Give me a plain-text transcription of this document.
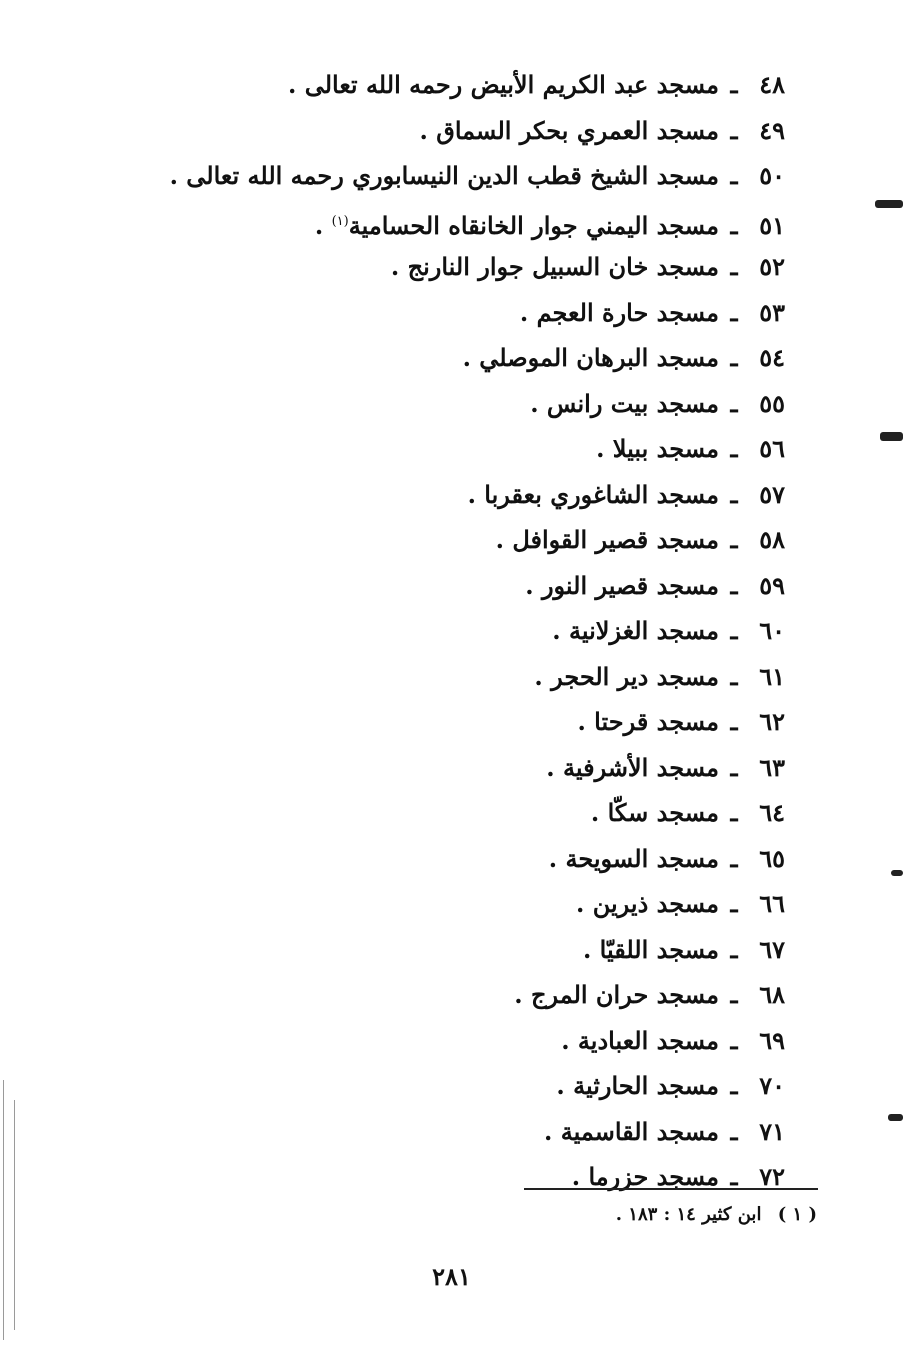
٤٨ـمسجد عبد الكريم الأبيض رحمه الله تعالى .
٤٩ـمسجد العمري بحكر السماق .
٥٠ـمسجد الشيخ قطب الدين النيسابوري رحمه الله تعالى .
٥١ـمسجد اليمني جوار الخانقاه الحسامية$^{(١)}$ .
٥٢ـمسجد خان السبيل جوار النارنج .
٥٣ـمسجد حارة العجم .
٥٤ـمسجد البرهان الموصلي .
٥٥ـمسجد بيت رانس .
٥٦ـمسجد ببيلا .
٥٧ـمسجد الشاغوري بعقربا .
٥٨ـمسجد قصير القوافل .
٥٩ـمسجد قصير النور .
٦٠ـمسجد الغزلانية .
٦١ـمسجد دير الحجر .
٦٢ـمسجد قرحتا .
٦٣ـمسجد الأشرفية .
٦٤ـمسجد سكّا .
٦٥ـمسجد السويحة .
٦٦ـمسجد ذيرين .
٦٧ـمسجد اللقيّا .
٦٨ـمسجد حران المرج .
٦٩ـمسجد العبادية .
٧٠ـمسجد الحارثية .
٧١ـمسجد القاسمية .
٧٢ـمسجد حزرما .
( ١ ) ابن كثير ١٤ : ١٨٣ .
٢٨١
